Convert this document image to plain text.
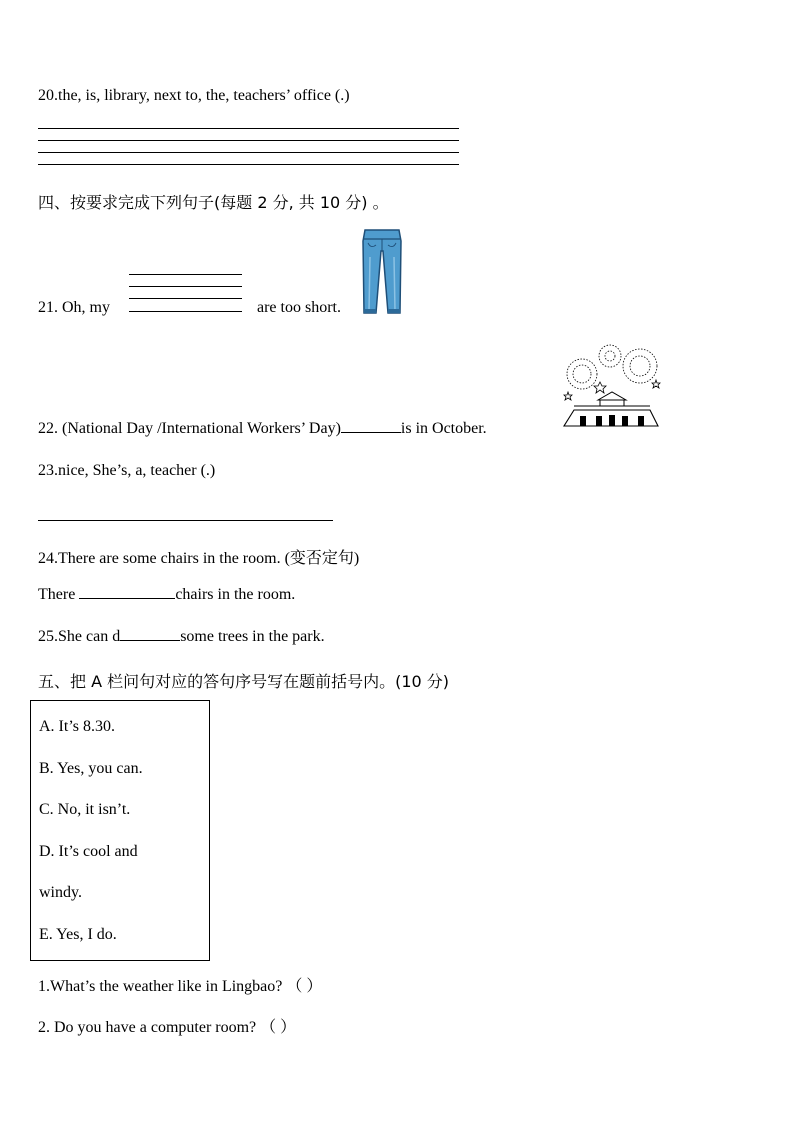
20.the, is, library, next to, the, teachers’ office (.)
四、按要求完成下列句子(每题 2 分, 共 10 分) 。
21. Oh, my	are too short.
22. (National Day /International Workers’ Day)	is in October.
23.nice, She’s, a, teacher (.)
24.There are some chairs in the room. (变否定句)
There	chairs in the room.
25.She can d	some trees in the park.
五、把 A 栏问句对应的答句序号写在题前括号内。(10 分)
A. It’s 8.30.
B. Yes, you can.
C. No, it isn’t.
D. It’s cool and
windy.
E. Yes, I do.
1.What’s the weather like in Lingbao? （ ）
2. Do you have a computer room? （ ）
